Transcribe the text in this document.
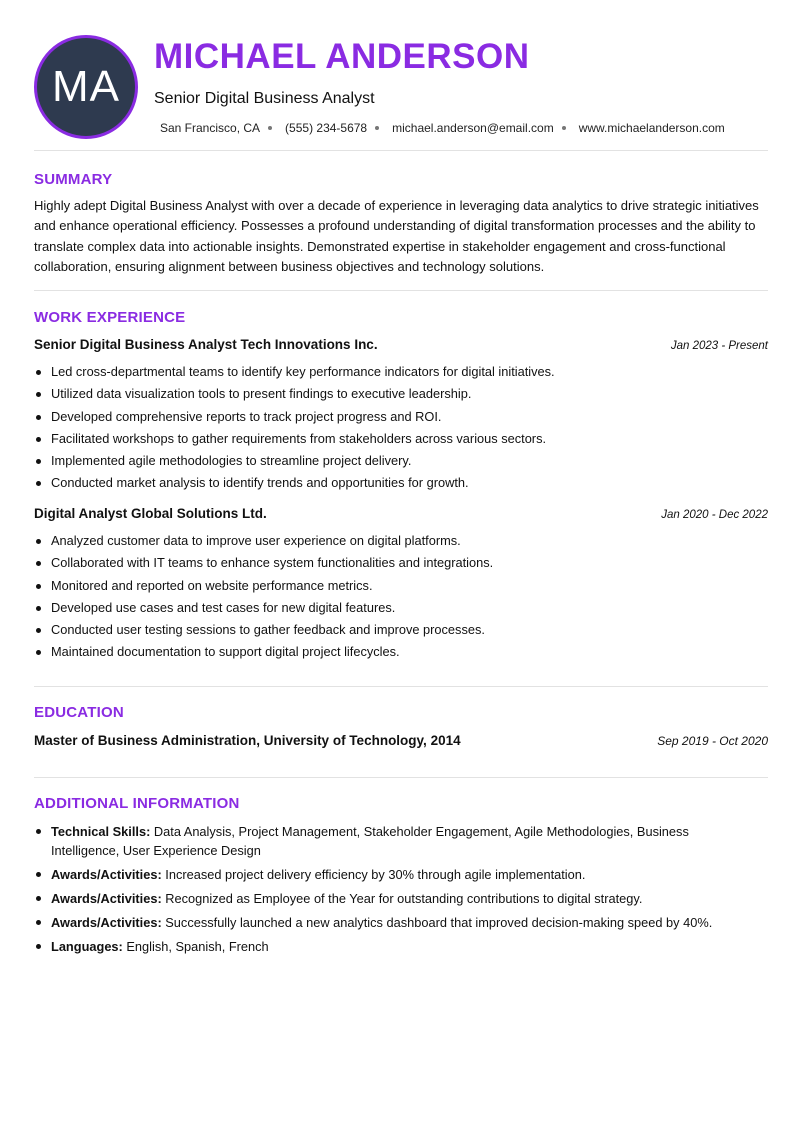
MA
MICHAEL ANDERSON
Senior Digital Business Analyst
San Francisco, CA (555) 234-5678 michael.anderson@email.com www.michaelanderson.com
SUMMARY

Highly adept Digital Business Analyst with over a decade of experience in leveraging data analytics to drive strategic initiatives and enhance operational efficiency. Possesses a profound understanding of digital transformation processes and the ability to translate complex data into actionable insights. Demonstrated expertise in stakeholder engagement and cross-functional collaboration, ensuring alignment between business objectives and technology solutions.

WORK EXPERIENCE
Senior Digital Business Analyst Tech Innovations Inc.	Jan 2023 - Present
Led cross-departmental teams to identify key performance indicators for digital initiatives.
Utilized data visualization tools to present findings to executive leadership.
Developed comprehensive reports to track project progress and ROI.
Facilitated workshops to gather requirements from stakeholders across various sectors.
Implemented agile methodologies to streamline project delivery.
Conducted market analysis to identify trends and opportunities for growth.
Digital Analyst Global Solutions Ltd.	Jan 2020 - Dec 2022
Analyzed customer data to improve user experience on digital platforms.
Collaborated with IT teams to enhance system functionalities and integrations.
Monitored and reported on website performance metrics.
Developed use cases and test cases for new digital features.
Conducted user testing sessions to gather feedback and improve processes.
Maintained documentation to support digital project lifecycles.
EDUCATION
Master of Business Administration, University of Technology, 2014	Sep 2019 - Oct 2020
ADDITIONAL INFORMATION
Technical Skills: Data Analysis, Project Management, Stakeholder Engagement, Agile Methodologies, Business Intelligence, User Experience Design
Awards/Activities: Increased project delivery efficiency by 30% through agile implementation.
Awards/Activities: Recognized as Employee of the Year for outstanding contributions to digital strategy.
Awards/Activities: Successfully launched a new analytics dashboard that improved decision-making speed by 40%.
Languages: English, Spanish, French
